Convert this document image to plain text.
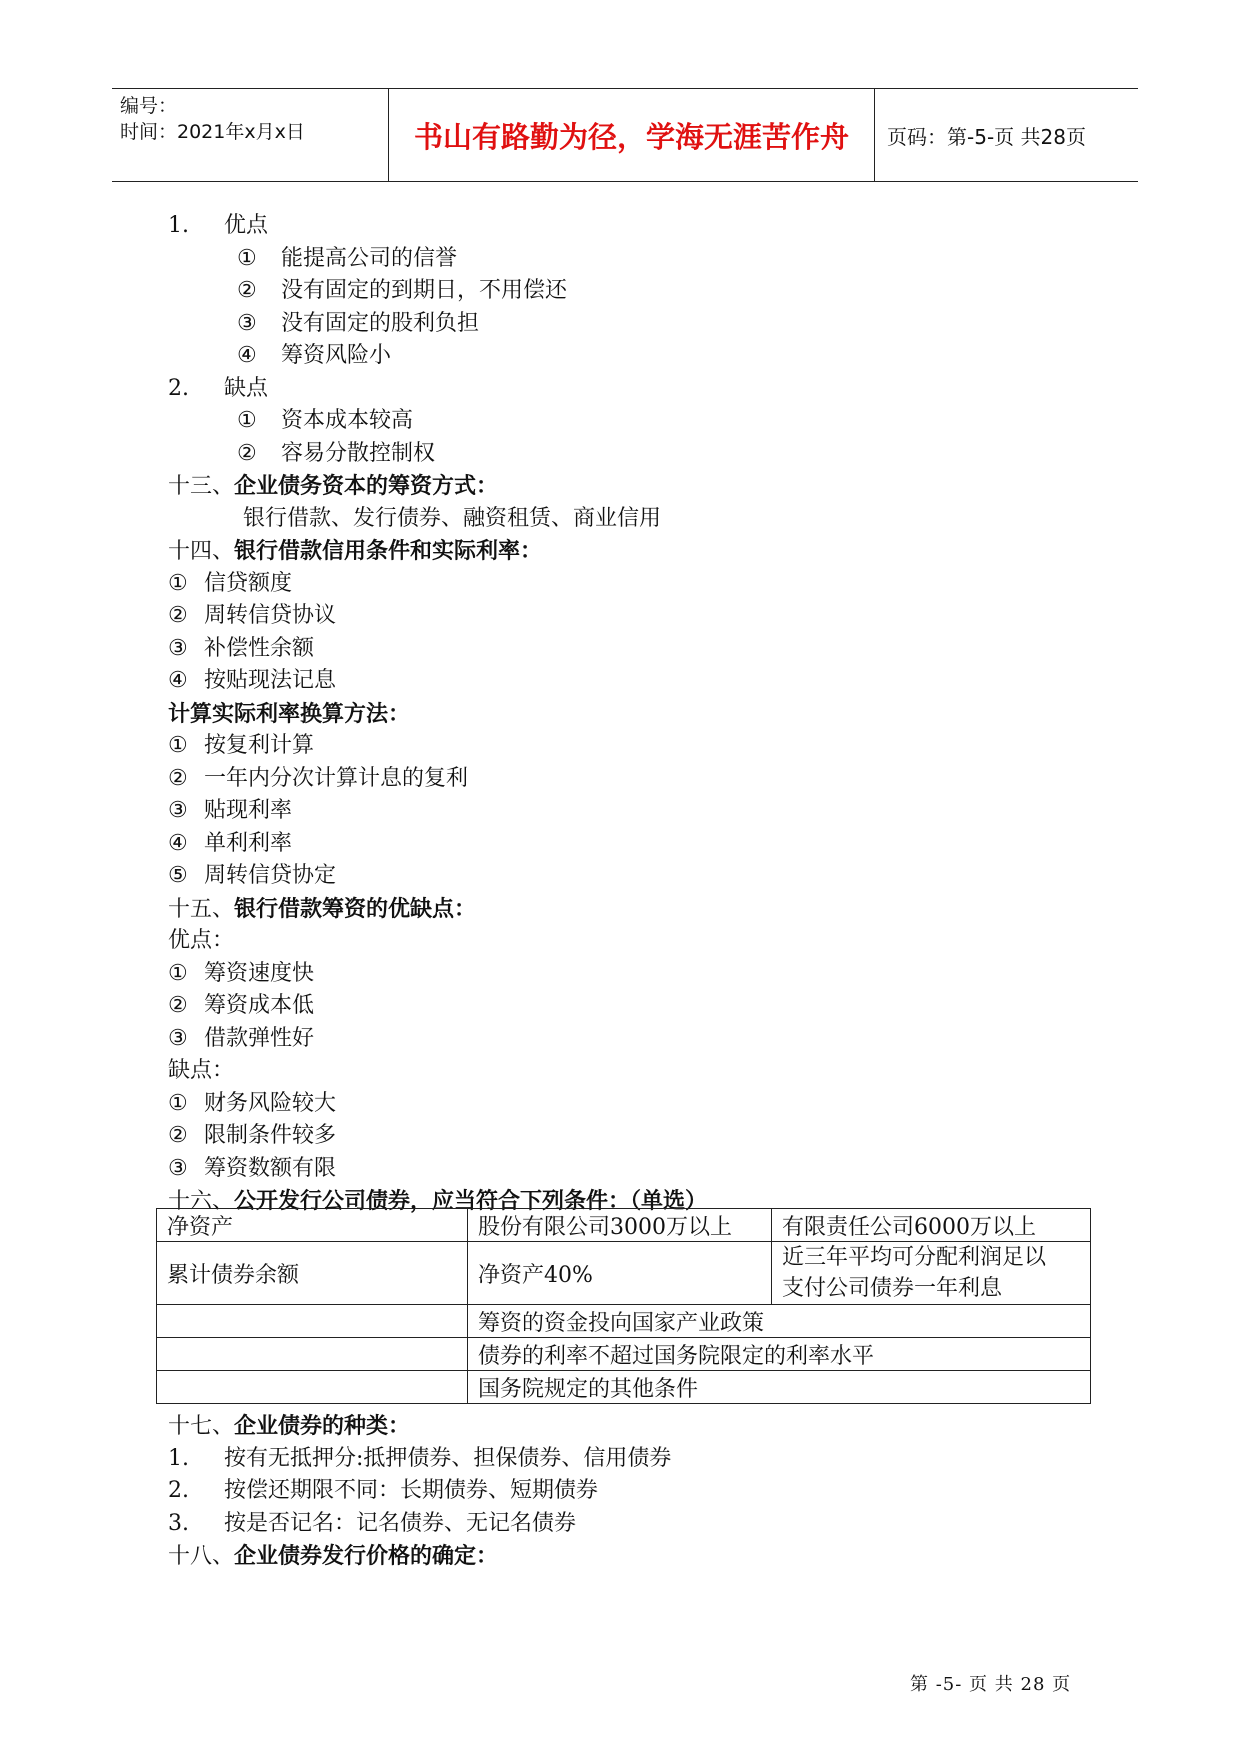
编号：
时间：2021年x月x日	书山有路勤为径，学海无涯苦作舟	页码：第-5-页 共28页
1. 优点
① 能提高公司的信誉
② 没有固定的到期日，不用偿还
③ 没有固定的股利负担
④ 筹资风险小
2. 缺点
① 资本成本较高
② 容易分散控制权
十三、企业债务资本的筹资方式：
银行借款、发行债券、融资租赁、商业信用
十四、银行借款信用条件和实际利率：
① 信贷额度
② 周转信贷协议
③ 补偿性余额
④ 按贴现法记息
计算实际利率换算方法：
① 按复利计算
② 一年内分次计算计息的复利
③ 贴现利率
④ 单利利率
⑤ 周转信贷协定
十五、银行借款筹资的优缺点：
优点：
① 筹资速度快
② 筹资成本低
③ 借款弹性好
缺点：
① 财务风险较大
② 限制条件较多
③ 筹资数额有限
十六、公开发行公司债券，应当符合下列条件：（单选）
净资产	股份有限公司3000万以上	有限责任公司6000万以上
累计债券余额	净资产40%	近三年平均可分配利润足以
支付公司债券一年利息

	筹资的资金投向国家产业政策	
	债券的利率不超过国务院限定的利率水平	
	国务院规定的其他条件	
十七、企业债券的种类：
1. 按有无抵押分:抵押债券、担保债券、信用债券
2. 按偿还期限不同：长期债券、短期债券
3. 按是否记名：记名债券、无记名债券
十八、企业债券发行价格的确定：
第 -5- 页 共 28 页
